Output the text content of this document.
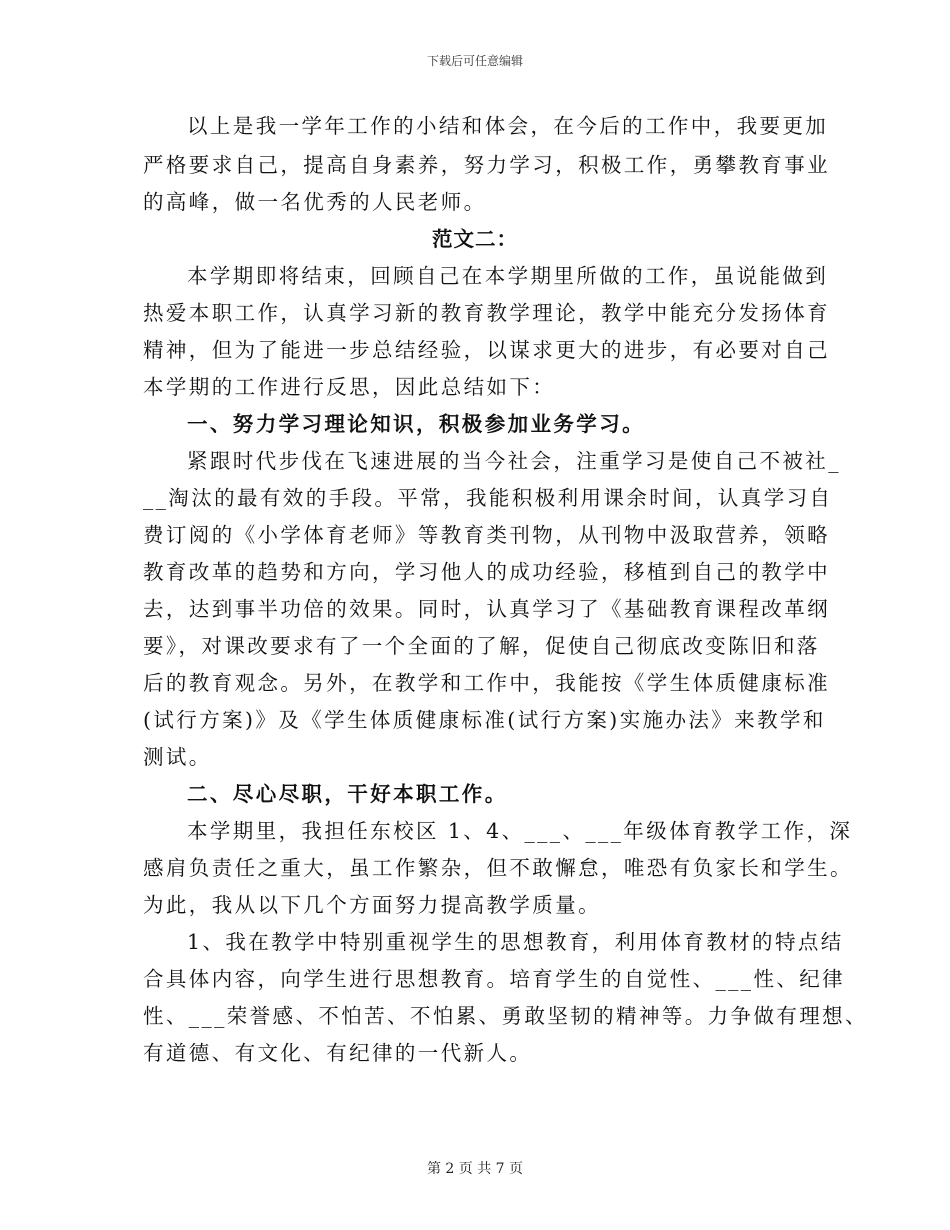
下载后可任意编辑
以上是我一学年工作的小结和体会，在今后的工作中，我要更加
严格要求自己，提高自身素养，努力学习，积极工作，勇攀教育事业
的高峰，做一名优秀的人民老师。
范文二：
本学期即将结束，回顾自己在本学期里所做的工作，虽说能做到
热爱本职工作，认真学习新的教育教学理论，教学中能充分发扬体育
精神，但为了能进一步总结经验，以谋求更大的进步，有必要对自己
本学期的工作进行反思，因此总结如下：
一、努力学习理论知识，积极参加业务学习。
紧跟时代步伐在飞速进展的当今社会，注重学习是使自己不被社_
__淘汰的最有效的手段。平常，我能积极利用课余时间，认真学习自
费订阅的《小学体育老师》等教育类刊物，从刊物中汲取营养，领略
教育改革的趋势和方向，学习他人的成功经验，移植到自己的教学中
去，达到事半功倍的效果。同时，认真学习了《基础教育课程改革纲
要》，对课改要求有了一个全面的了解，促使自己彻底改变陈旧和落
后的教育观念。另外，在教学和工作中，我能按《学生体质健康标准
(试行方案)》及《学生体质健康标准(试行方案)实施办法》来教学和
测试。
二、尽心尽职，干好本职工作。
本学期里，我担任东校区 1、4、___、___年级体育教学工作，深
感肩负责任之重大，虽工作繁杂，但不敢懈怠，唯恐有负家长和学生。
为此，我从以下几个方面努力提高教学质量。
1、我在教学中特别重视学生的思想教育，利用体育教材的特点结
合具体内容，向学生进行思想教育。培育学生的自觉性、___性、纪律
性、___荣誉感、不怕苦、不怕累、勇敢坚韧的精神等。力争做有理想、
有道德、有文化、有纪律的一代新人。
第 2 页 共 7 页
